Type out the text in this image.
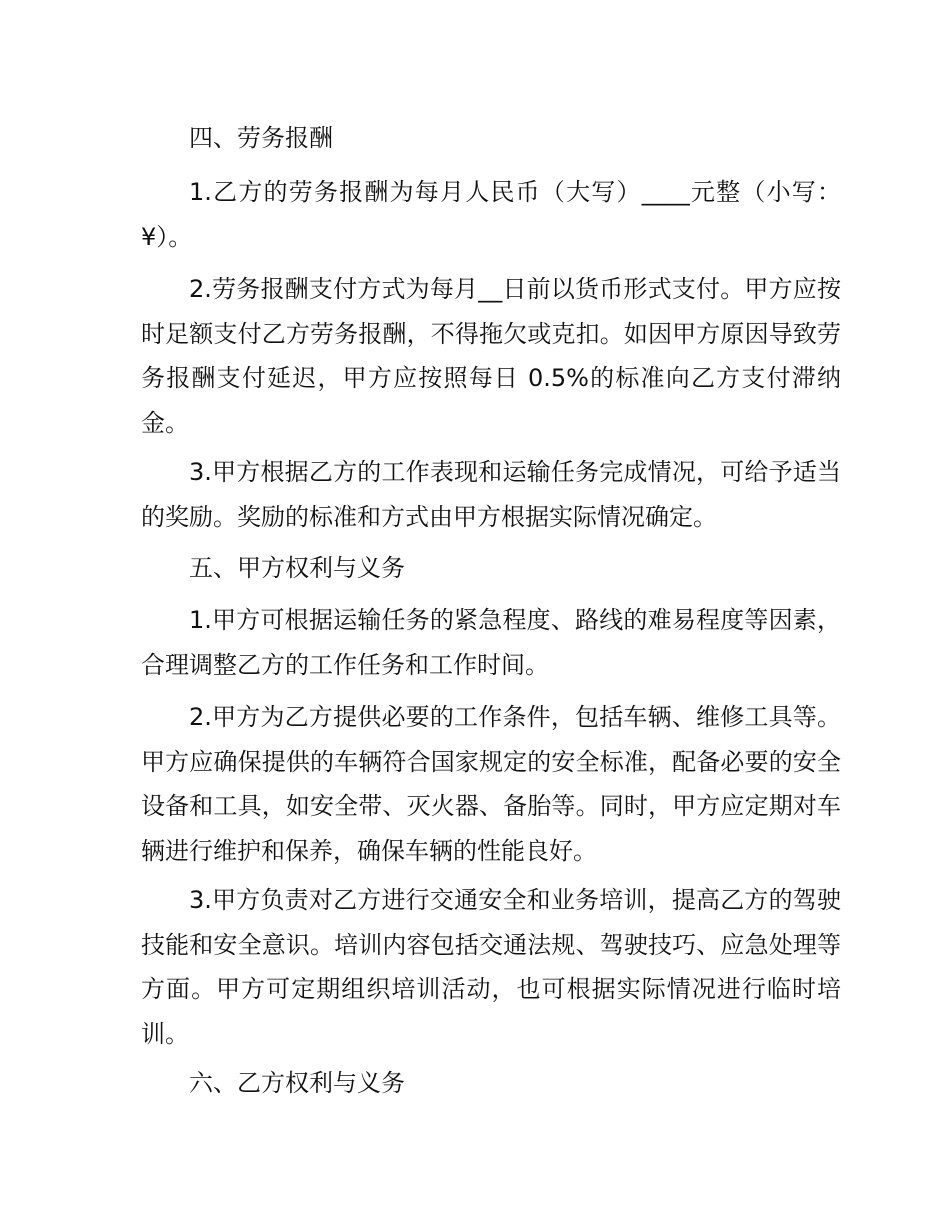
四、劳务报酬

1.乙方的劳务报酬为每月人民币（大写）____元整（小写：¥）。

2.劳务报酬支付方式为每月__日前以货币形式支付。甲方应按时足额支付乙方劳务报酬，不得拖欠或克扣。如因甲方原因导致劳务报酬支付延迟，甲方应按照每日 0.5%的标准向乙方支付滞纳金。

3.甲方根据乙方的工作表现和运输任务完成情况，可给予适当的奖励。奖励的标准和方式由甲方根据实际情况确定。

五、甲方权利与义务

1.甲方可根据运输任务的紧急程度、路线的难易程度等因素，合理调整乙方的工作任务和工作时间。

2.甲方为乙方提供必要的工作条件，包括车辆、维修工具等。甲方应确保提供的车辆符合国家规定的安全标准，配备必要的安全设备和工具，如安全带、灭火器、备胎等。同时，甲方应定期对车辆进行维护和保养，确保车辆的性能良好。

3.甲方负责对乙方进行交通安全和业务培训，提高乙方的驾驶技能和安全意识。培训内容包括交通法规、驾驶技巧、应急处理等方面。甲方可定期组织培训活动，也可根据实际情况进行临时培训。

六、乙方权利与义务
